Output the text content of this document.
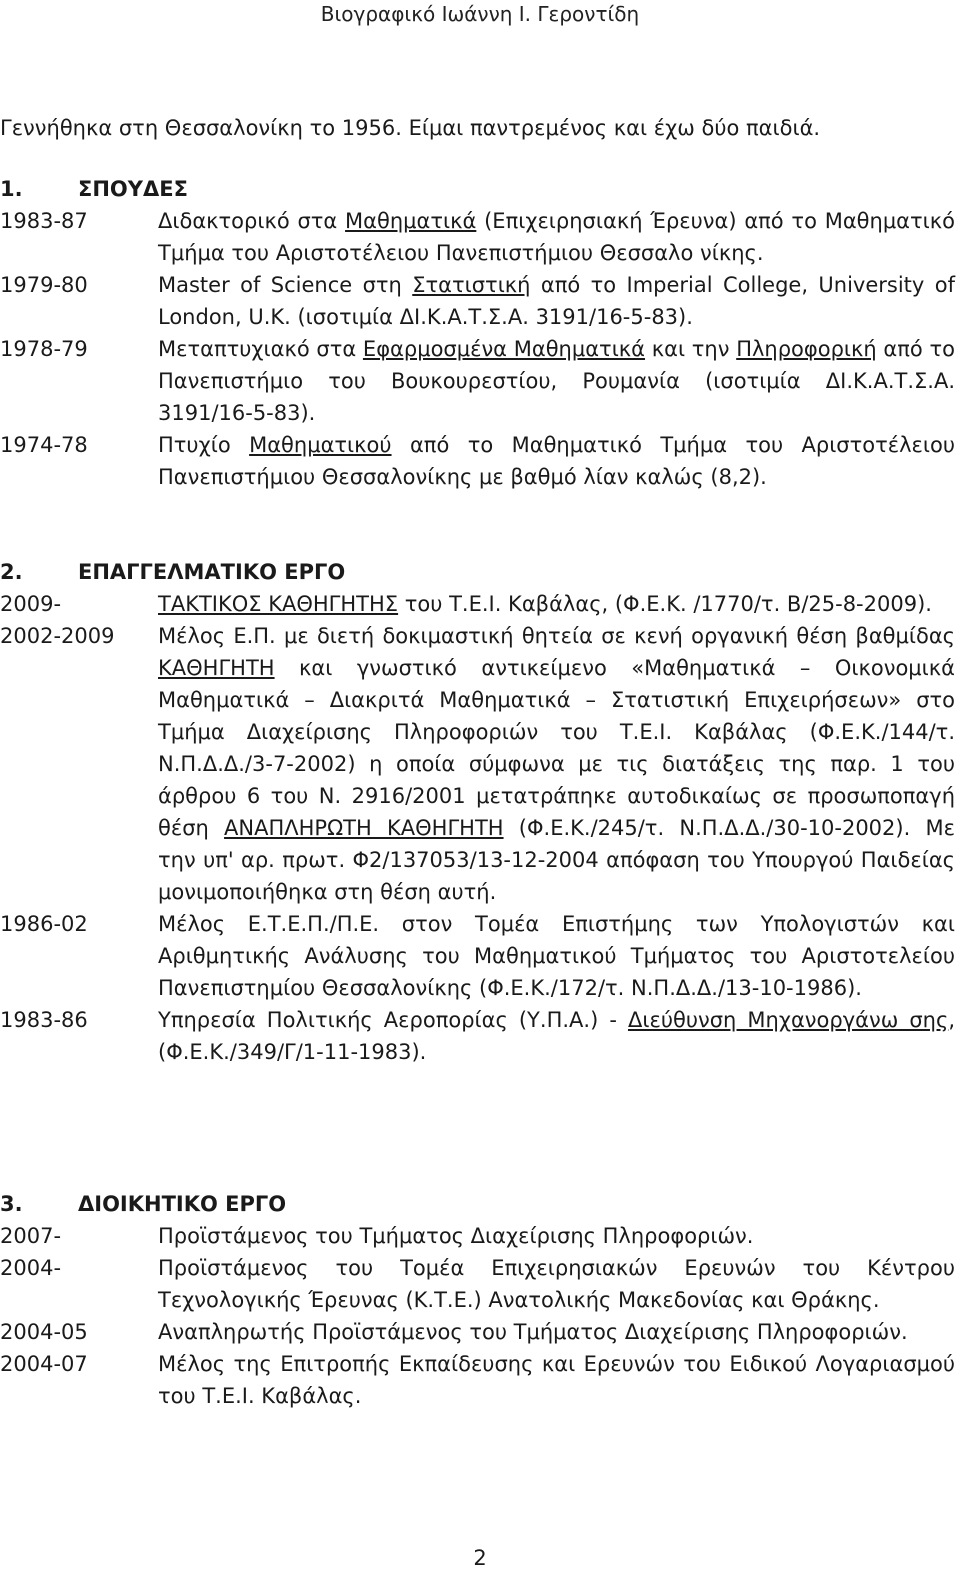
Βιογραφικό Ιωάννη Ι. Γεροντίδη
Γεννήθηκα στη Θεσσαλονίκη το 1956. Είμαι παντρεμένος και έχω δύο παιδιά.
1.	ΣΠΟΥΔΕΣ
1983-87	Διδακτορικό στα Μαθηματικά (Επιχειρησιακή Έρευνα) από το Μαθηματικό Τμήμα του Αριστοτέλειου Πανεπιστήμιου Θεσσαλο νίκης.
1979-80	Master of Science στη Στατιστική από το Imperial College, University of London, U.K. (ισοτιμία ΔΙ.Κ.Α.Τ.Σ.Α. 3191/16-5-83).
1978-79	Μεταπτυχιακό στα Εφαρμοσμένα Μαθηματικά και την Πληροφορική από το Πανεπιστήμιο του Βουκουρεστίου, Ρουμανία (ισοτιμία ΔΙ.Κ.Α.Τ.Σ.Α. 3191/16-5-83).
1974-78	Πτυχίο Μαθηματικού από το Μαθηματικό Τμήμα του Αριστοτέλειου Πανεπιστήμιου Θεσσαλονίκης με βαθμό λίαν καλώς (8,2).
2.	ΕΠΑΓΓΕΛΜΑΤΙΚΟ ΕΡΓΟ
2009-	ΤΑΚΤΙΚΟΣ ΚΑΘΗΓΗΤΗΣ του Τ.Ε.Ι. Καβάλας, (Φ.Ε.Κ. /1770/τ. Β/25-8-2009).
2002-2009	Μέλος Ε.Π. με διετή δοκιμαστική θητεία σε κενή οργανική θέση βαθμίδας ΚΑΘΗΓΗΤΗ και γνωστικό αντικείμενο «Μαθηματικά – Οικονομικά Μαθηματικά – Διακριτά Μαθηματικά – Στατιστική Επιχειρήσεων» στο Τμήμα Διαχείρισης Πληροφοριών του Τ.Ε.Ι. Καβάλας (Φ.Ε.Κ./144/τ. Ν.Π.Δ.Δ./3-7-2002) η οποία σύμφωνα με τις διατάξεις της παρ. 1 του άρθρου 6 του Ν. 2916/2001 μετατράπηκε αυτοδικαίως σε προσωποπαγή θέση ΑΝΑΠΛΗΡΩΤΗ ΚΑΘΗΓΗΤΗ (Φ.Ε.Κ./245/τ. Ν.Π.Δ.Δ./30-10-2002). Με την υπ' αρ. πρωτ. Φ2/137053/13-12-2004 απόφαση του Υπουργού Παιδείας μονιμοποιήθηκα στη θέση αυτή.
1986-02	Μέλος Ε.Τ.Ε.Π./Π.Ε. στον Τομέα Επιστήμης των Υπολογιστών και Αριθμητικής Ανάλυσης του Μαθηματικού Τμήματος του Αριστοτελείου Πανεπιστημίου Θεσσαλονίκης (Φ.Ε.Κ./172/τ. Ν.Π.Δ.Δ./13-10-1986).
1983-86	Υπηρεσία Πολιτικής Αεροπορίας (Υ.Π.Α.) - Διεύθυνση Μηχανοργάνω σης, (Φ.Ε.Κ./349/Γ/1-11-1983).
3.	ΔΙΟΙΚΗΤΙΚΟ ΕΡΓΟ
2007-	Προϊστάμενος του Τμήματος Διαχείρισης Πληροφοριών.
2004-	Προϊστάμενος του Τομέα Επιχειρησιακών Ερευνών του Κέντρου Τεχνολογικής Έρευνας (Κ.Τ.Ε.) Ανατολικής Μακεδονίας και Θράκης.
2004-05	Αναπληρωτής Προϊστάμενος του Τμήματος Διαχείρισης Πληροφοριών.
2004-07	Μέλος της Επιτροπής Εκπαίδευσης και Ερευνών του Ειδικού Λογαριασμού του Τ.Ε.Ι. Καβάλας.
2
